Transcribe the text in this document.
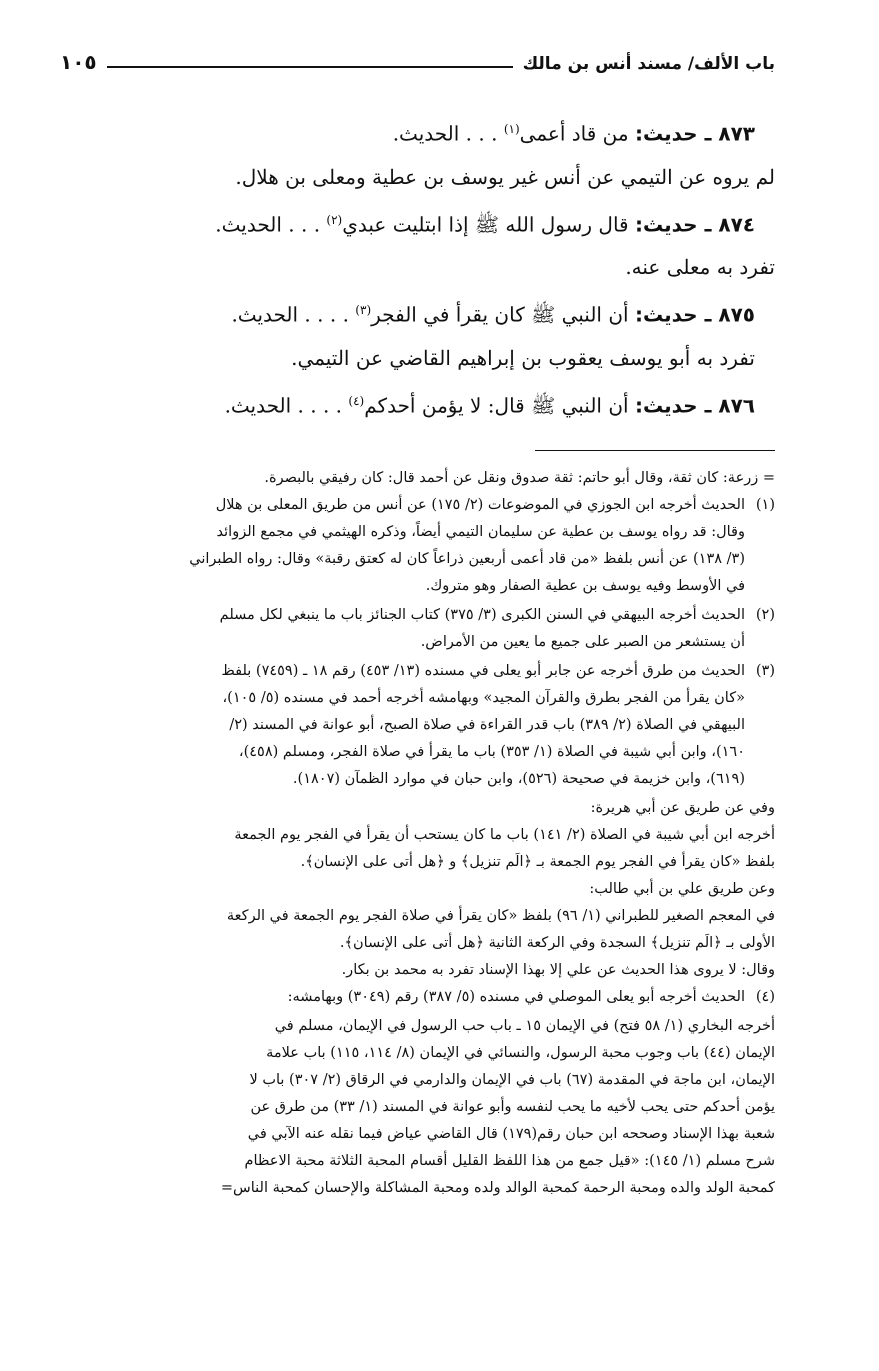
باب الألف/ مسند أنس بن مالك
١٠٥

٨٧٣ ـ حديث: من قاد أعمى$^{(١)}$ . . . الحديث.

لم يروه عن التيمي عن أنس غير يوسف بن عطية ومعلى بن هلال.

٨٧٤ ـ حديث: قال رسول الله ﷺ إذا ابتليت عبدي$^{(٢)}$ . . . الحديث.

تفرد به معلى عنه.

٨٧٥ ـ حديث: أن النبي ﷺ كان يقرأ في الفجر$^{(٣)}$ . . . . الحديث.

تفرد به أبو يوسف يعقوب بن إبراهيم القاضي عن التيمي.

٨٧٦ ـ حديث: أن النبي ﷺ قال: لا يؤمن أحدكم$^{(٤)}$ . . . . الحديث.

= زرعة: كان ثقة، وقال أبو حاتم: ثقة صدوق ونقل عن أحمد قال: كان رفيقي بالبصرة.

(١)

الحديث أخرجه ابن الجوزي في الموضوعات (٢/ ١٧٥) عن أنس من طريق المعلى بن هلال

وقال: قد رواه يوسف بن عطية عن سليمان التيمي أيضاً، وذكره الهيثمي في مجمع الزوائد

(٣/ ١٣٨) عن أنس بلفظ «من قاد أعمى أربعين ذراعاً كان له كعتق رقبة» وقال: رواه الطبراني

في الأوسط وفيه يوسف بن عطية الصفار وهو متروك.

(٢)

الحديث أخرجه البيهقي في السنن الكبرى (٣/ ٣٧٥) كتاب الجنائز باب ما ينبغي لكل مسلم

أن يستشعر من الصبر على جميع ما يعين من الأمراض.

(٣)

الحديث من طرق أخرجه عن جابر أبو يعلى في مسنده (١٣/ ٤٥٣) رقم ١٨ ـ (٧٤٥٩) بلفظ

«كان يقرأ من الفجر بطرق والقرآن المجيد» وبهامشه أخرجه أحمد في مسنده (٥/ ١٠٥)،

البيهقي في الصلاة (٢/ ٣٨٩) باب قدر القراءة في صلاة الصبح، أبو عوانة في المسند (٢/

١٦٠)، وابن أبي شيبة في الصلاة (١/ ٣٥٣) باب ما يقرأ في صلاة الفجر، ومسلم (٤٥٨)،

(٦١٩)، وابن خزيمة في صحيحة (٥٢٦)، وابن حبان في موارد الظمآن (١٨٠٧).

وفي عن طريق عن أبي هريرة:

أخرجه ابن أبي شيبة في الصلاة (٢/ ١٤١) باب ما كان يستحب أن يقرأ في الفجر يوم الجمعة

بلفظ «كان يقرأ في الفجر يوم الجمعة بـ ﴿الَم تنزيل﴾ و ﴿هل أتى على الإنسان﴾.

وعن طريق علي بن أبي طالب:

في المعجم الصغير للطبراني (١/ ٩٦) بلفظ «كان يقرأ في صلاة الفجر يوم الجمعة في الركعة

الأولى بـ ﴿الَم تنزيل﴾ السجدة وفي الركعة الثانية ﴿هل أتى على الإنسان﴾.

وقال: لا يروى هذا الحديث عن علي إلا بهذا الإسناد تفرد به محمد بن بكار.

(٤)

الحديث أخرجه أبو يعلى الموصلي في مسنده (٥/ ٣٨٧) رقم (٣٠٤٩) وبهامشه:

أخرجه البخاري (١/ ٥٨ فتح) في الإيمان ١٥ ـ باب حب الرسول في الإيمان، مسلم في

الإيمان (٤٤) باب وجوب محبة الرسول، والنسائي في الإيمان (٨/ ١١٤، ١١٥) باب علامة

الإيمان، ابن ماجة في المقدمة (٦٧) باب في الإيمان والدارمي في الرقاق (٢/ ٣٠٧) باب لا

يؤمن أحدكم حتى يحب لأخيه ما يحب لنفسه وأبو عوانة في المسند (١/ ٣٣) من طرق عن

شعبة بهذا الإسناد وصححه ابن حبان رقم(١٧٩) قال القاضي عياض فيما نقله عنه الآبي في

شرح مسلم (١/ ١٤٥): «قيل جمع من هذا اللفظ القليل أقسام المحبة الثلاثة محبة الاعظام

كمحبة الولد والده ومحبة الرحمة كمحبة الوالد ولده ومحبة المشاكلة والإحسان كمحبة الناس=
